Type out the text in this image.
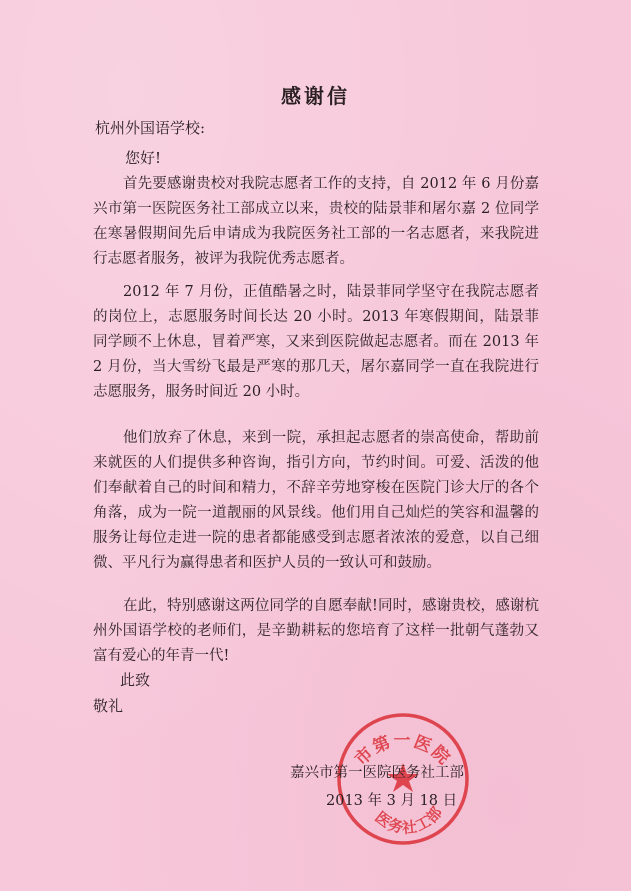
感谢信
杭州外国语学校:
您好!

首先要感谢贵校对我院志愿者工作的支持，自 2012 年 6 月份嘉兴市第一医院医务社工部成立以来，贵校的陆景菲和屠尔嘉 2 位同学在寒暑假期间先后申请成为我院医务社工部的一名志愿者，来我院进行志愿者服务，被评为我院优秀志愿者。

2012 年 7 月份，正值酷暑之时，陆景菲同学坚守在我院志愿者的岗位上，志愿服务时间长达 20 小时。2013 年寒假期间，陆景菲同学顾不上休息，冒着严寒，又来到医院做起志愿者。而在 2013 年 2 月份，当大雪纷飞最是严寒的那几天，屠尔嘉同学一直在我院进行志愿服务，服务时间近 20 小时。

他们放弃了休息，来到一院，承担起志愿者的崇高使命，帮助前来就医的人们提供多种咨询，指引方向，节约时间。可爱、活泼的他们奉献着自己的时间和精力，不辞辛劳地穿梭在医院门诊大厅的各个角落，成为一院一道靓丽的风景线。他们用自己灿烂的笑容和温馨的服务让每位走进一院的患者都能感受到志愿者浓浓的爱意，以自己细微、平凡行为赢得患者和医护人员的一致认可和鼓励。

在此，特别感谢这两位同学的自愿奉献!同时，感谢贵校，感谢杭州外国语学校的老师们，是辛勤耕耘的您培育了这样一批朝气蓬勃又富有爱心的年青一代!

此致
敬礼
市第一医院
医务社工部
嘉兴市第一医院医务社工部
2013 年 3 月 18 日
